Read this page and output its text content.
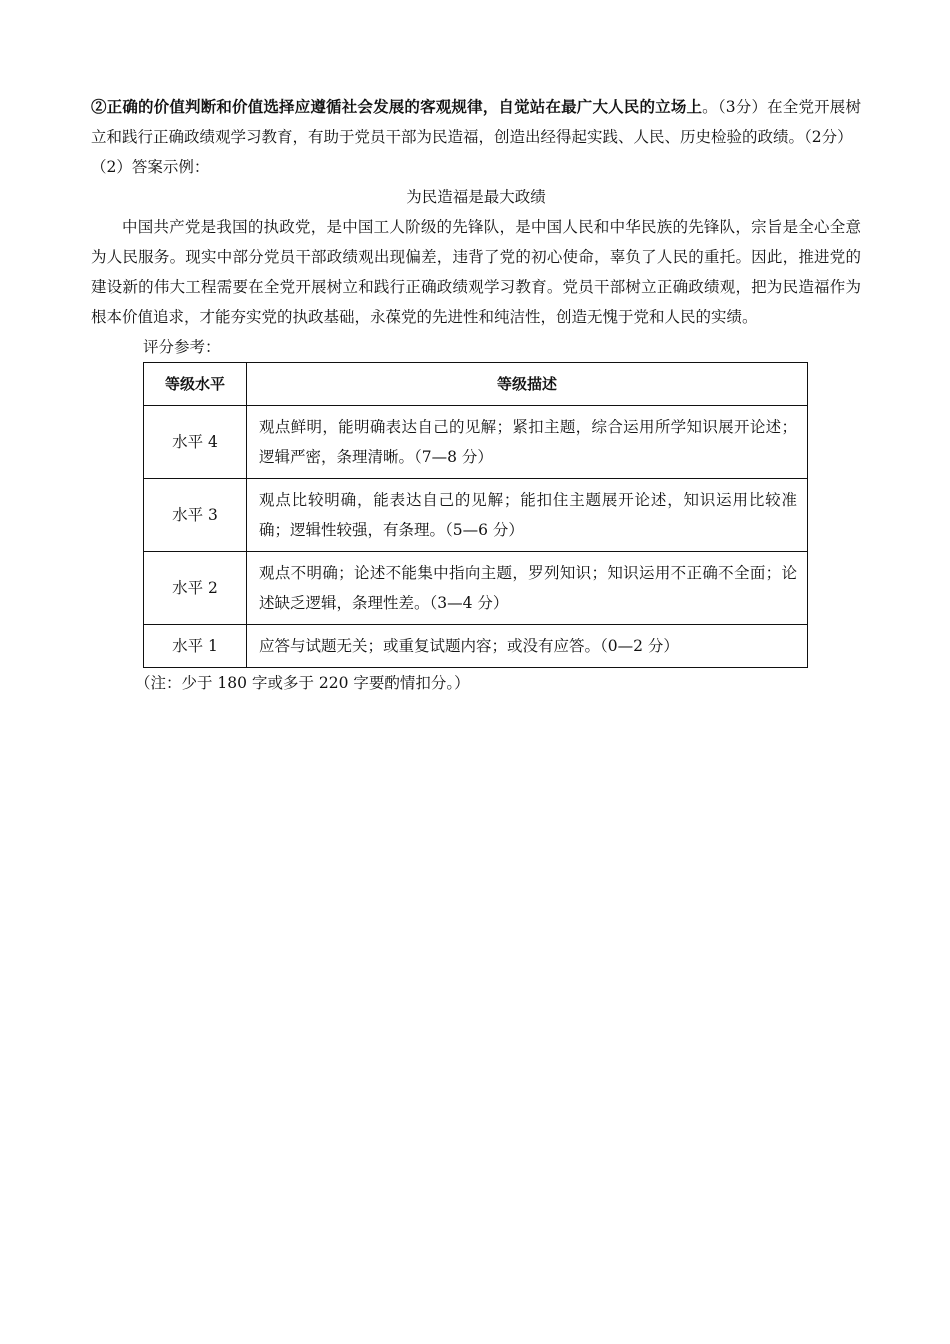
②正确的价值判断和价值选择应遵循社会发展的客观规律，自觉站在最广大人民的立场上。（3分）在全党开展树立和践行正确政绩观学习教育，有助于党员干部为民造福，创造出经得起实践、人民、历史检验的政绩。（2分）

（2）答案示例：

为民造福是最大政绩

中国共产党是我国的执政党，是中国工人阶级的先锋队，是中国人民和中华民族的先锋队，宗旨是全心全意为人民服务。现实中部分党员干部政绩观出现偏差，违背了党的初心使命，辜负了人民的重托。因此，推进党的建设新的伟大工程需要在全党开展树立和践行正确政绩观学习教育。党员干部树立正确政绩观，把为民造福作为根本价值追求，才能夯实党的执政基础，永葆党的先进性和纯洁性，创造无愧于党和人民的实绩。

评分参考：

等级水平	等级描述
水平 4	观点鲜明，能明确表达自己的见解；紧扣主题，综合运用所学知识展开论述；逻辑严密，条理清晰。（7—8 分）
水平 3	观点比较明确，能表达自己的见解；能扣住主题展开论述，知识运用比较准确；逻辑性较强，有条理。（5—6 分）
水平 2	观点不明确；论述不能集中指向主题，罗列知识；知识运用不正确不全面；论述缺乏逻辑，条理性差。（3—4 分）
水平 1	应答与试题无关；或重复试题内容；或没有应答。（0—2 分）

（注：少于 180 字或多于 220 字要酌情扣分。）
